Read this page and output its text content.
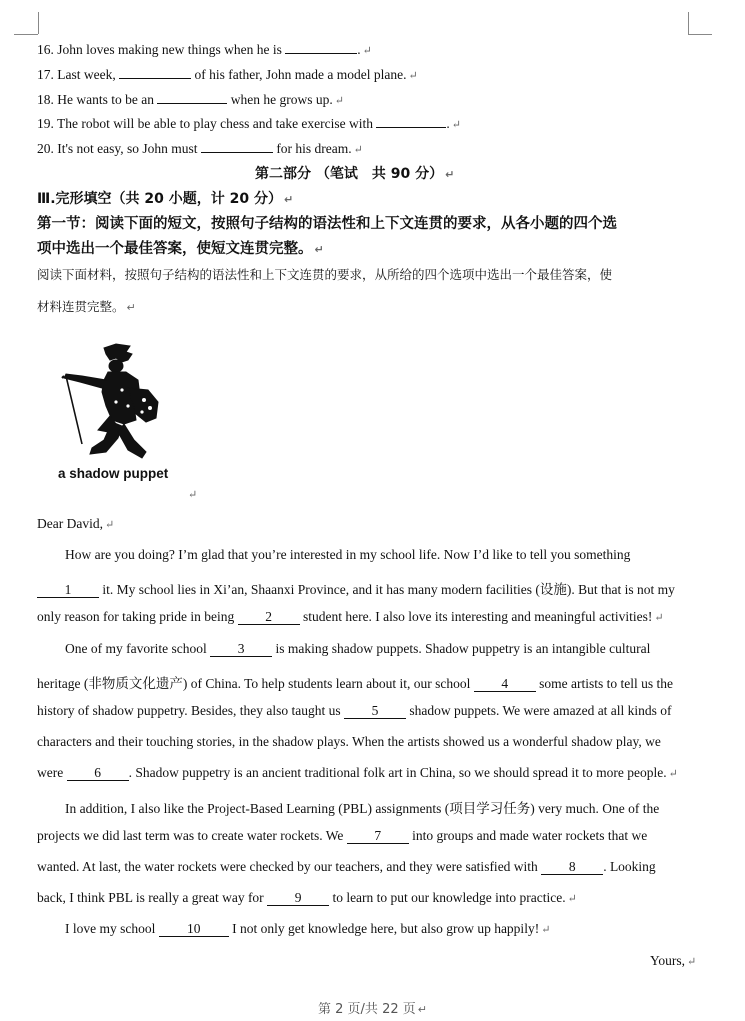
16. John loves making new things when he is	. ↵
17. Last week,	of his father, John made a model plane. ↵
18. He wants to be an	when he grows up. ↵
19. The robot will be able to play chess and take exercise with	. ↵
20. It's not easy, so John must	for his dream. ↵
第二部分 （笔试　共 90 分） ↵
Ⅲ.完形填空（共 20 小题，计 20 分） ↵
第一节：阅读下面的短文，按照句子结构的语法性和上下文连贯的要求，从各小题的四个选
项中选出一个最佳答案，使短文连贯完整。 ↵
阅读下面材料，按照句子结构的语法性和上下文连贯的要求，从所给的四个选项中选出一个最佳答案，使
材料连贯完整。 ↵
a shadow puppet
↵
Dear David, ↵
How are you doing? I’m glad that you’re interested in my school life. Now I’d like to tell you something
1 it. My school lies in Xi’an, Shaanxi Province, and it has many modern facilities (设施). But that is not my
only reason for taking pride in being 2 student here. I also love its interesting and meaningful activities! ↵
One of my favorite school 3 is making shadow puppets. Shadow puppetry is an intangible cultural
heritage (非物质文化遗产) of China. To help students learn about it, our school 4 some artists to tell us the
history of shadow puppetry. Besides, they also taught us 5 shadow puppets. We were amazed at all kinds of
characters and their touching stories, in the shadow plays. When the artists showed us a wonderful shadow play, we
were 6 . Shadow puppetry is an ancient traditional folk art in China, so we should spread it to more people. ↵
In addition, I also like the Project-Based Learning (PBL) assignments (项目学习任务) very much. One of the
projects we did last term was to create water rockets. We 7 into groups and made water rockets that we
wanted. At last, the water rockets were checked by our teachers, and they were satisfied with 8 . Looking
back, I think PBL is really a great way for 9 to learn to put our knowledge into practice. ↵
I love my school 10 I not only get knowledge here, but also grow up happily! ↵
Yours, ↵
第 2 页/共 22 页 ↵
